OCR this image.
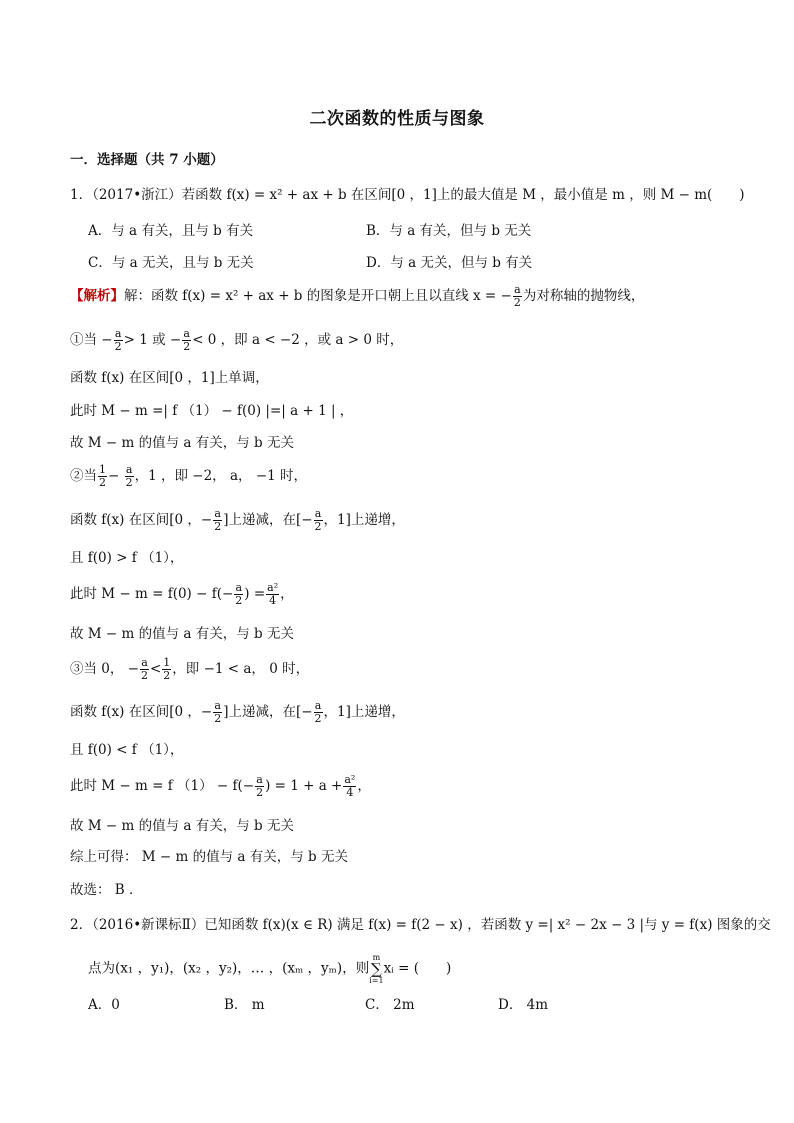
二次函数的性质与图象
一．选择题（共 7 小题）
1．（2017•浙江）若函数 f(x) = x² + ax + b 在区间[0 ，1]上的最大值是 M ，最小值是 m ，则 M − m(　　)
A．与 a 有关，且与 b 有关	B．与 a 有关，但与 b 无关
C．与 a 无关，且与 b 无关	D．与 a 无关，但与 b 有关
【解析】解：函数 f(x) = x² + ax + b 的图象是开口朝上且以直线 x = − $\frac{a}{2}$ 为对称轴的抛物线，
①当 − $\frac{a}{2} > 1$ 或 − $\frac{a}{2} < 0$ ，即 a < −2 ，或 a > 0 时，
函数 f(x) 在区间[0 ，1]上单调，
此时 M − m =| f （1） − f(0) |=| a + 1 | ，
故 M − m 的值与 a 有关，与 b 无关
②当 $\frac{1}{2} - \frac{a}{2}$ ，1 ，即 −2， a， −1 时，
函数 f(x) 在区间[0 ，− $\frac{a}{2}$ ]上递减，在[− $\frac{a}{2}$ ，1]上递增，
且 f(0) > f （1），
此时 $M - m = f(0) - f(- \frac{a}{2}$ ) = $\frac{\text{a²}}{4}$ ，
故 M − m 的值与 a 有关，与 b 无关
③当 0， − $\frac{a}{2} < \frac{1}{2}$ ，即 −1 < a， 0 时，
函数 f(x) 在区间[0 ，− $\frac{a}{2}$ ]上递减，在[− $\frac{a}{2}$ ，1]上递增，
且 f(0) < f （1），
此时 M − m = f $(1) - f(- \frac{a}{2}$ ) = $1 + a + \frac{\text{a²}}{4}$ ，
故 M − m 的值与 a 有关，与 b 无关
综上可得： M − m 的值与 a 有关，与 b 无关
故选： B ．
2．（2016•新课标Ⅱ）已知函数 f(x)(x ∈ R) 满足 f(x) = f(2 − x) ，若函数 y =| x² − 2x − 3 |与 y = f(x) 图象的交
点为(x₁ ，y₁)，(x₂ ，y₂)，… ，(xₘ ，yₘ)，则m
∑
i=1xᵢ = (　　)
A．0	B． m	C． 2m	D． 4m
